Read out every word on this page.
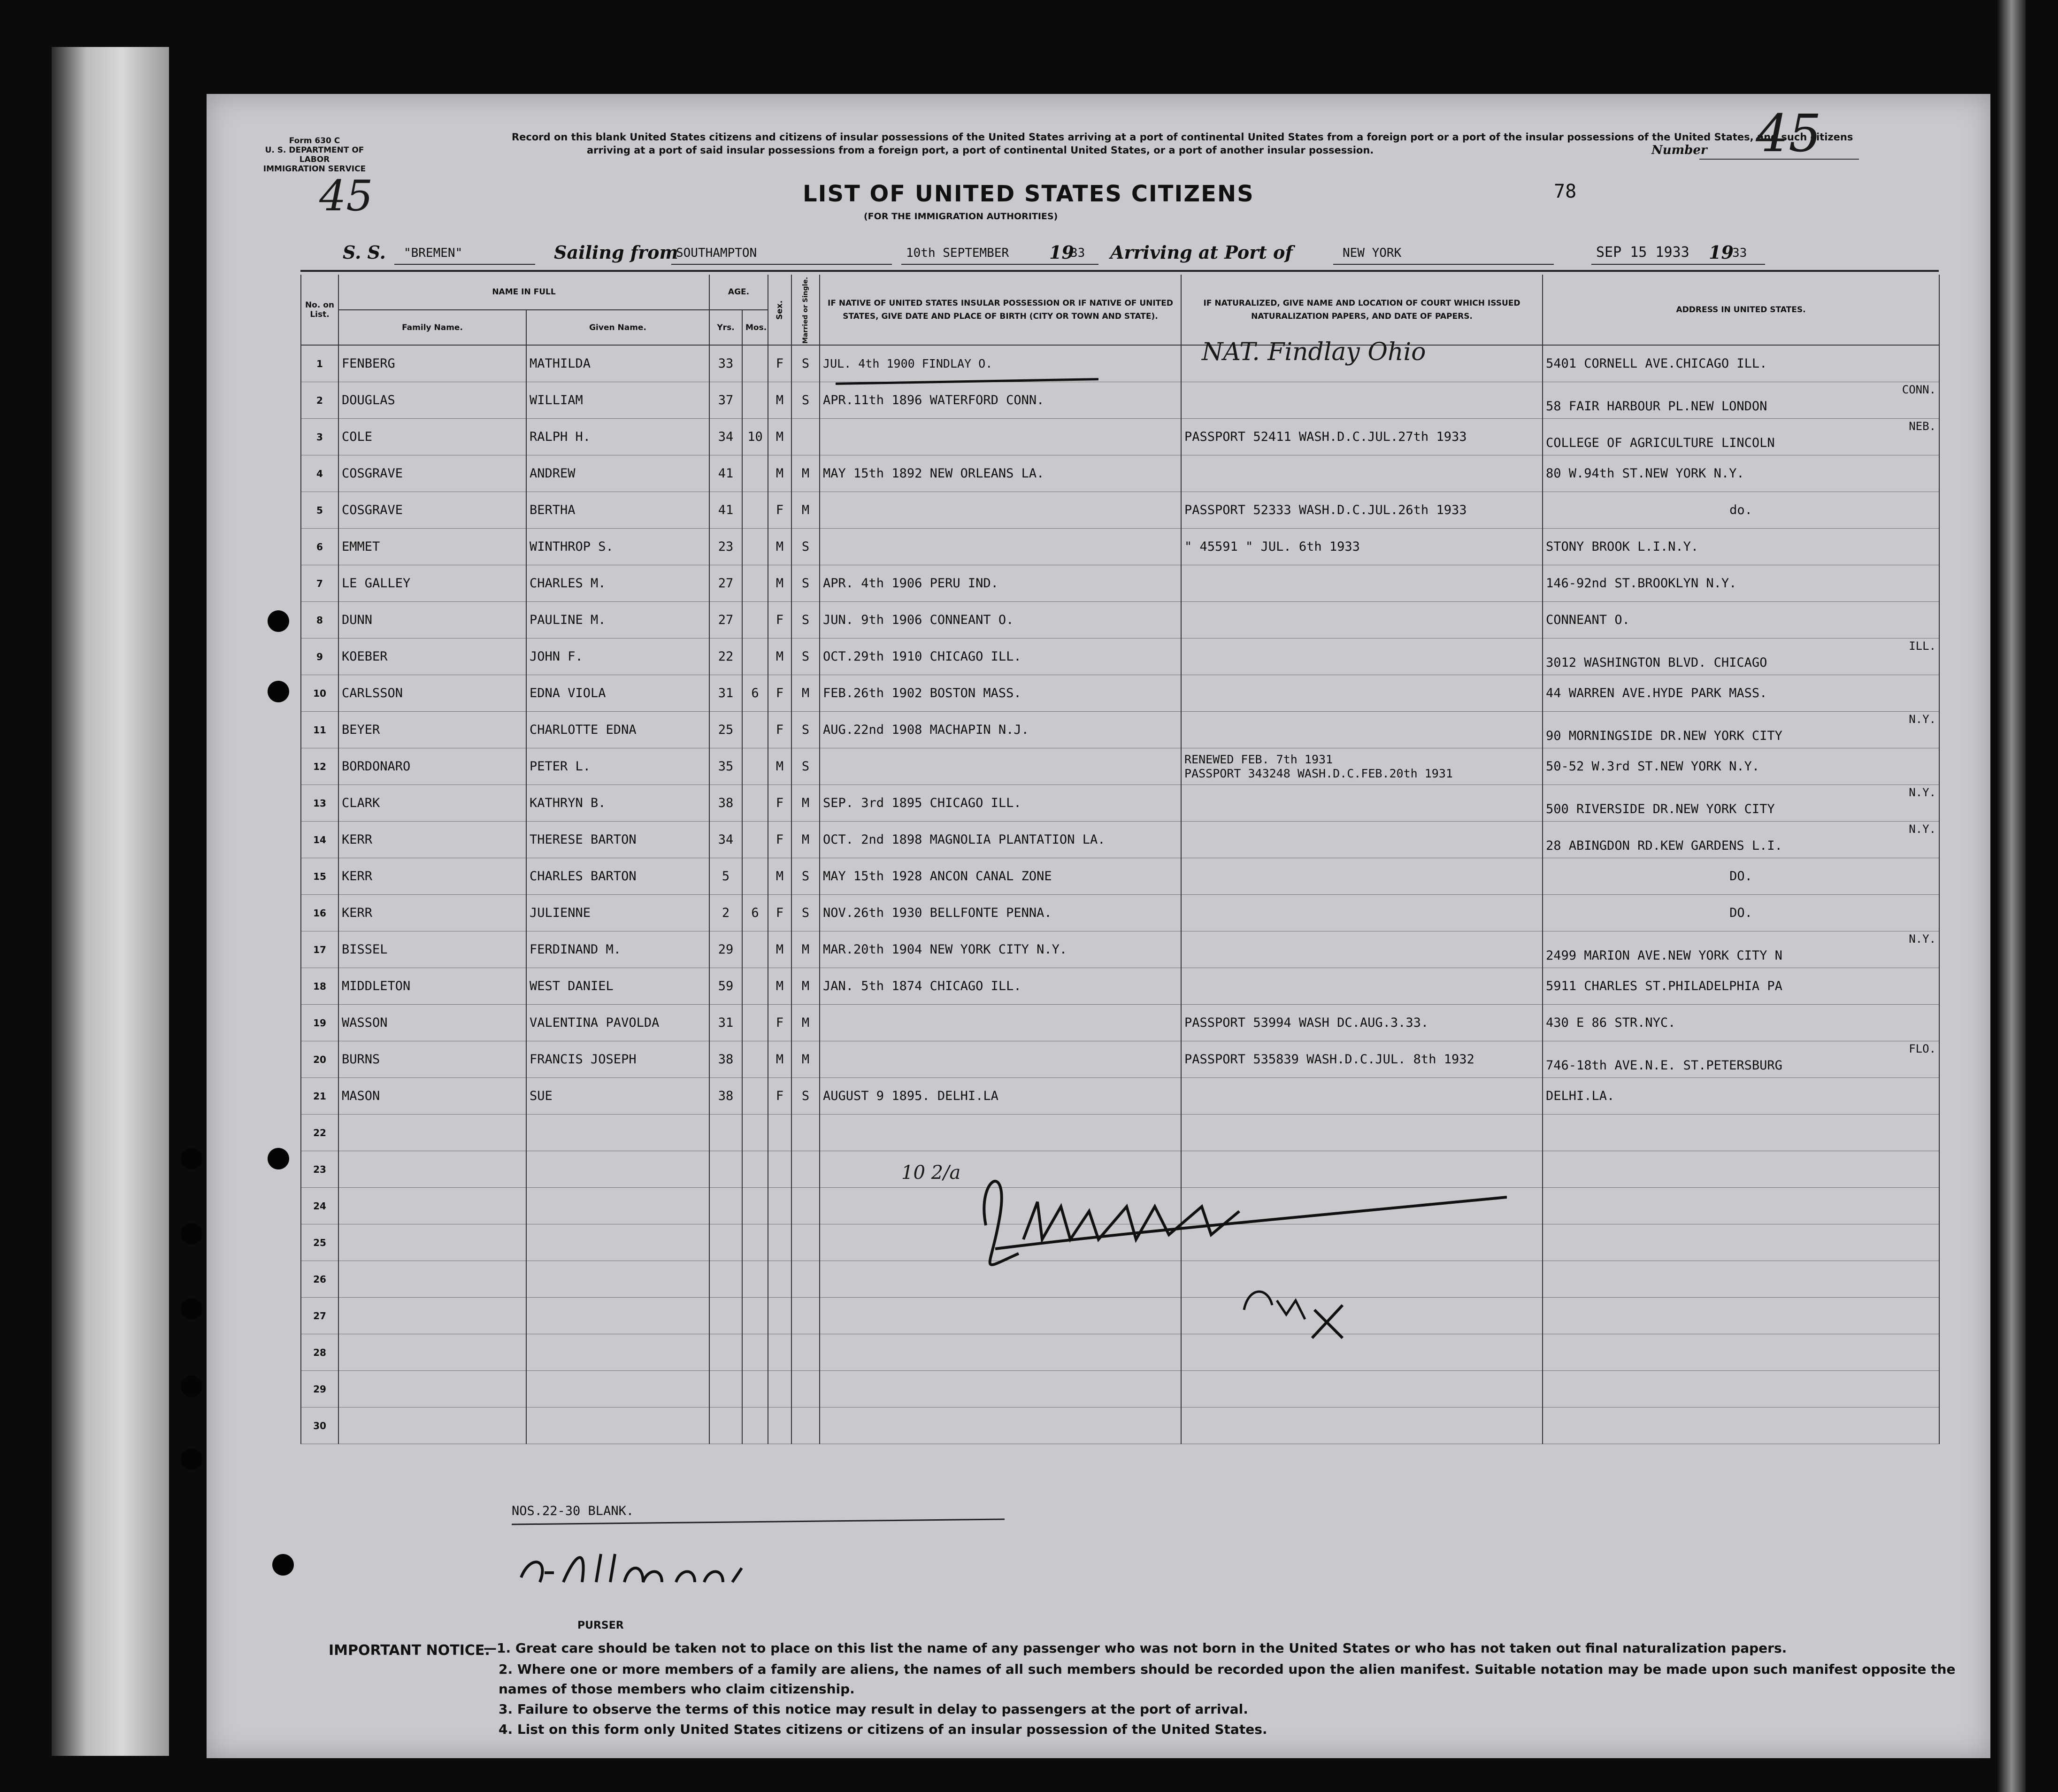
Form 630 C
U. S. DEPARTMENT OF LABOR
IMMIGRATION SERVICE
45
Record on this blank United States citizens and citizens of insular possessions of the United States arriving at a port of continental United States from a foreign port or a port of the insular possessions of the United States, and such citizens arriving at a port of said insular possessions from a foreign port, a port of continental United States, or a port of another insular possession.	Number 45
LIST OF UNITED STATES CITIZENS
(FOR THE IMMIGRATION AUTHORITIES)
78
S. S. "BREMEN"	Sailing from
SOUTHAMPTON	10th SEPTEMBER 19
33 Arriving at Port of	NEW YORK	SEP 15 1933 19
33
No. on List.	NAME IN FULL		AGE.		Sex.	Married or Single.	IF NATIVE OF UNITED STATES INSULAR POSSESSION OR IF NATIVE OF UNITED STATES, GIVE DATE AND PLACE OF BIRTH (CITY OR TOWN AND STATE).	IF NATURALIZED, GIVE NAME AND LOCATION OF COURT WHICH ISSUED NATURALIZATION PAPERS, AND DATE OF PAPERS.	ADDRESS IN UNITED STATES.
	Family Name.	Given Name.	Yrs.	Mos.					
1	FENBERG	MATHILDA	33		F	S	JUL. 4th 1900 FINDLAY O.		5401 CORNELL AVE.CHICAGO ILL.
2	DOUGLAS	WILLIAM	37		M	S	APR.11th 1896 WATERFORD CONN.		CONN.
58 FAIR HARBOUR PL.NEW LONDON

3	COLE	RALPH H.	34	10	M			PASSPORT 52411 WASH.D.C.JUL.27th 1933	NEB.
COLLEGE OF AGRICULTURE LINCOLN

4	COSGRAVE	ANDREW	41		M	M	MAY 15th 1892 NEW ORLEANS LA.		80 W.94th ST.NEW YORK N.Y.
5	COSGRAVE	BERTHA	41		F	M		PASSPORT 52333 WASH.D.C.JUL.26th 1933	do.
6	EMMET	WINTHROP S.	23		M	S		" 45591 " JUL. 6th 1933	STONY BROOK L.I.N.Y.
7	LE GALLEY	CHARLES M.	27		M	S	APR. 4th 1906 PERU IND.		146-92nd ST.BROOKLYN N.Y.
8	DUNN	PAULINE M.	27		F	S	JUN. 9th 1906 CONNEANT O.		CONNEANT O.
9	KOEBER	JOHN F.	22		M	S	OCT.29th 1910 CHICAGO ILL.		ILL.
3012 WASHINGTON BLVD. CHICAGO

10	CARLSSON	EDNA VIOLA	31	6	F	M	FEB.26th 1902 BOSTON MASS.		44 WARREN AVE.HYDE PARK MASS.
11	BEYER	CHARLOTTE EDNA	25		F	S	AUG.22nd 1908 MACHAPIN N.J.		N.Y.
90 MORNINGSIDE DR.NEW YORK CITY

12	BORDONARO	PETER L.	35		M	S		RENEWED FEB. 7th 1931
PASSPORT 343248 WASH.D.C.FEB.20th 1931	50-52 W.3rd ST.NEW YORK N.Y.
13	CLARK	KATHRYN B.	38		F	M	SEP. 3rd 1895 CHICAGO ILL.		N.Y.
500 RIVERSIDE DR.NEW YORK CITY

14	KERR	THERESE BARTON	34		F	M	OCT. 2nd 1898 MAGNOLIA PLANTATION LA.		N.Y.
28 ABINGDON RD.KEW GARDENS L.I.

15	KERR	CHARLES BARTON	5		M	S	MAY 15th 1928 ANCON CANAL ZONE		DO.
16	KERR	JULIENNE	2	6	F	S	NOV.26th 1930 BELLFONTE PENNA.		DO.
17	BISSEL	FERDINAND M.	29		M	M	MAR.20th 1904 NEW YORK CITY N.Y.		N.Y.
2499 MARION AVE.NEW YORK CITY N

18	MIDDLETON	WEST DANIEL	59		M	M	JAN. 5th 1874 CHICAGO ILL.		5911 CHARLES ST.PHILADELPHIA PA
19	WASSON	VALENTINA PAVOLDA	31		F	M		PASSPORT 53994 WASH DC.AUG.3.33.	430 E 86 STR.NYC.
20	BURNS	FRANCIS JOSEPH	38		M	M		PASSPORT 535839 WASH.D.C.JUL. 8th 1932	FLO.
746-18th AVE.N.E. ST.PETERSBURG

21	MASON	SUE	38		F	S	AUGUST 9 1895. DELHI.LA		DELHI.LA.
22									
23									
24									
25									
26									
27									
28									
29									
30									
NAT. Findlay Ohio
NOS.22-30 BLANK.
10 2/a
PURSER
IMPORTANT NOTICE.
—1. Great care should be taken not to place on this list the name of any passenger who was not born in the United States or who has not taken out final naturalization papers.
2. Where one or more members of a family are aliens, the names of all such members should be recorded upon the alien manifest. Suitable notation may be made upon such manifest opposite the names of those members who claim citizenship.
3. Failure to observe the terms of this notice may result in delay to passengers at the port of arrival.
4. List on this form only United States citizens or citizens of an insular possession of the United States.
